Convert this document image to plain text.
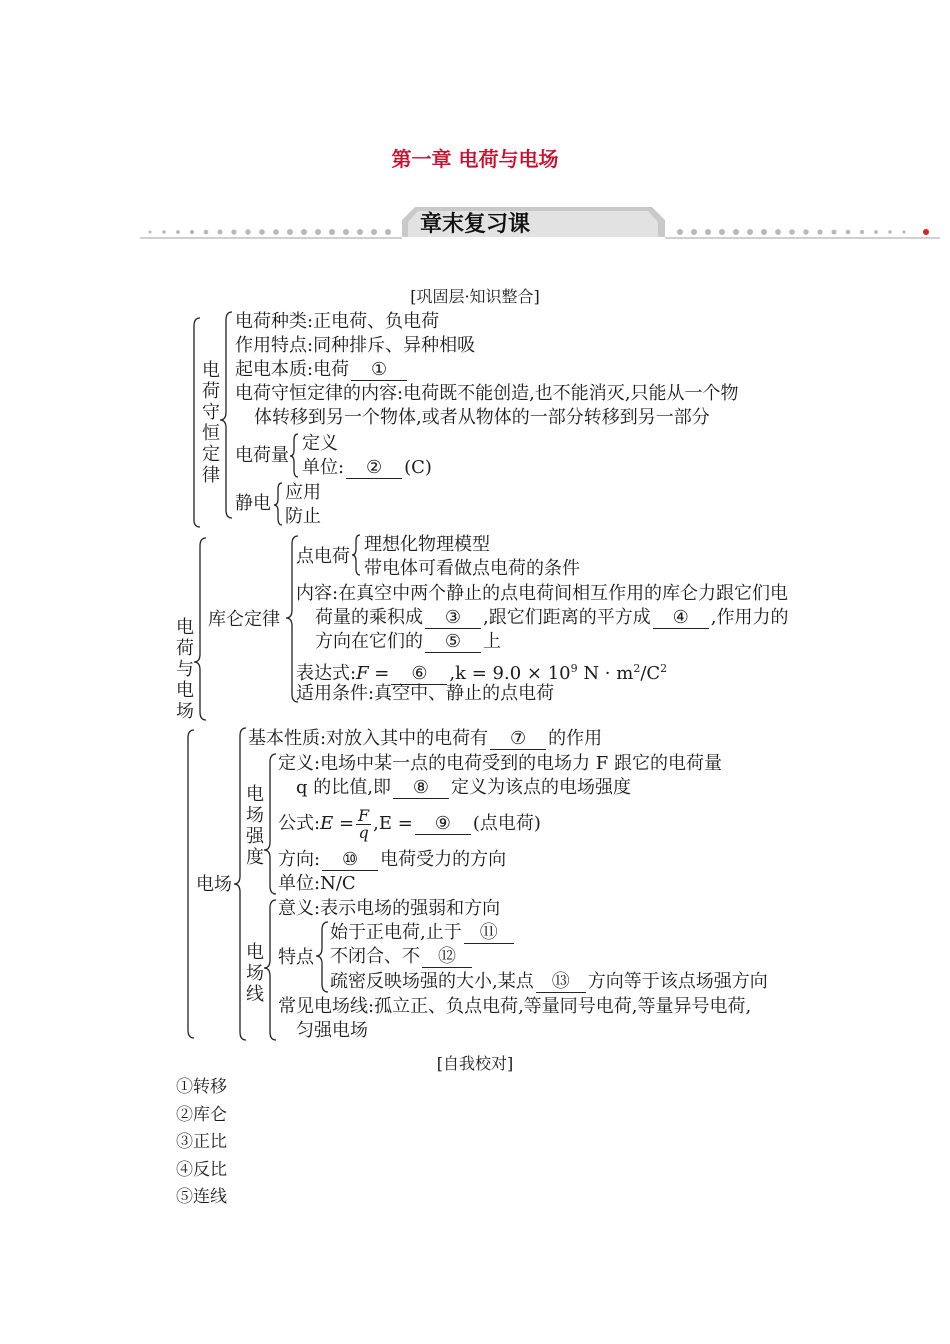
第一章 电荷与电场
章末复习课
[巩固层·知识整合]
电荷守恒定律
电荷种类:正电荷、负电荷
作用特点:同种排斥、异种相吸
起电本质:电荷 ①
电荷守恒定律的内容:电荷既不能创造,也不能消灭,只能从一个物
体转移到另一个物体,或者从物体的一部分转移到另一部分
电荷量
定义
单位: ② (C)
静电
应用
防止
电荷与电场
库仑定律
点电荷
理想化物理模型
带电体可看做点电荷的条件
内容:在真空中两个静止的点电荷间相互作用的库仑力跟它们电
荷量的乘积成 ③ ,跟它们距离的平方成 ④ ,作用力的
方向在它们的 ⑤ 上
表达式:F = ⑥ $,k = 9.0 \times 10^9$ $N \cdot m^2/C^2$
适用条件:真空中、静止的点电荷
电场
基本性质:对放入其中的电荷有 ⑦ 的作用
电场强度
定义:电场中某一点的电荷受到的电场力 F 跟它的电荷量
q 的比值,即 ⑧ 定义为该点的电场强度
公式:E = $\frac{F}{q} ,E$ = ⑨ (点电荷)
方向: ⑩ 电荷受力的方向
单位:N/C
电场线
意义:表示电场的强弱和方向
特点
始于正电荷,止于 ⑪
不闭合、不 ⑫
疏密反映场强的大小,某点 ⑬ 方向等于该点场强方向
常见电场线:孤立正、负点电荷,等量同号电荷,等量异号电荷,
匀强电场
[自我校对]
①转移
②库仑
③正比
④反比
⑤连线
